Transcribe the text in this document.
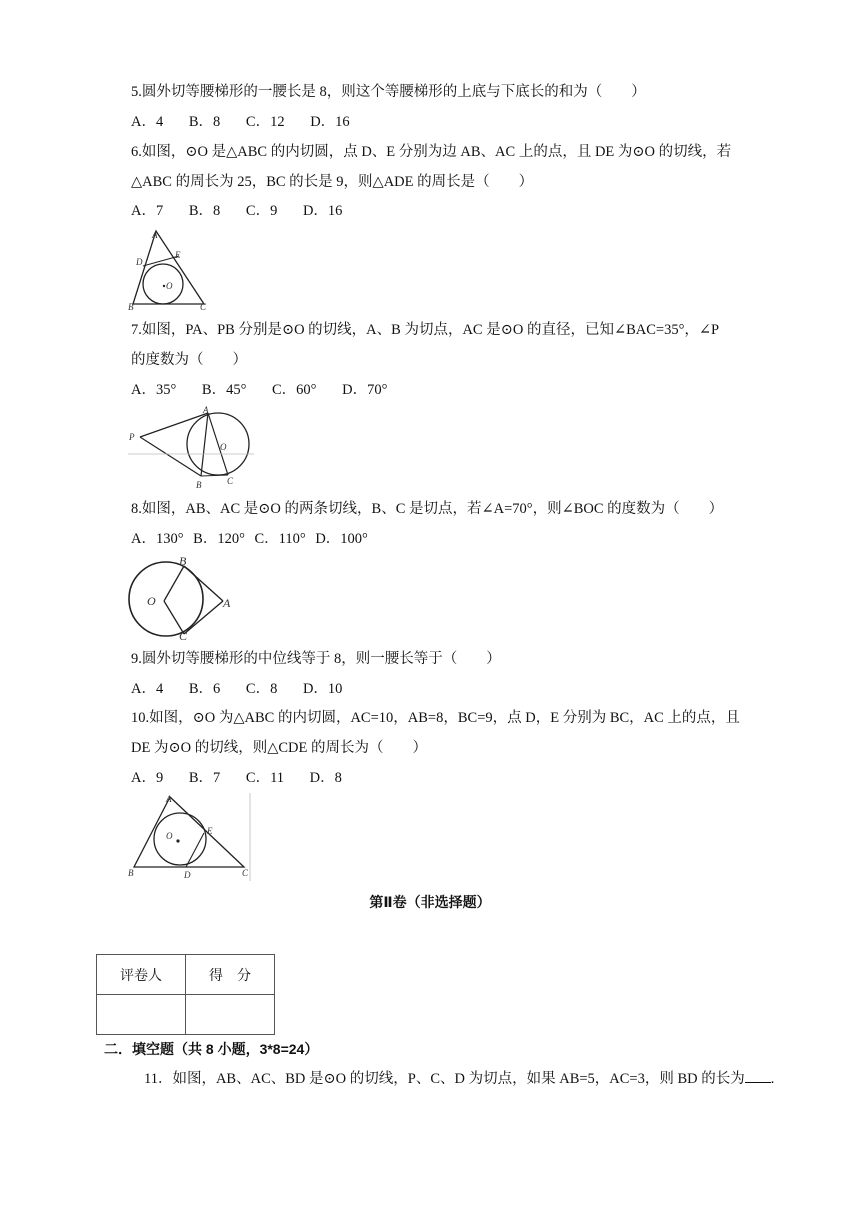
5.圆外切等腰梯形的一腰长是 8，则这个等腰梯形的上底与下底长的和为（　　）
A．4 B．8 C．12 D．16
6.如图，⊙O 是△ABC 的内切圆，点 D、E 分别为边 AB、AC 上的点，且 DE 为⊙O 的切线，若
△ABC 的周长为 25，BC 的长是 9，则△ADE 的周长是（　　）
A．7 B．8 C．9 D．16
A
D
E
O
B	C
7.如图，PA、PB 分别是⊙O 的切线，A、B 为切点，AC 是⊙O 的直径，已知∠BAC=35°，∠P
的度数为（　　）
A．35° B．45° C．60° D．70°
P
A
O
B	C
8.如图，AB、AC 是⊙O 的两条切线，B、C 是切点，若∠A=70°，则∠BOC 的度数为（　　）
A．130° B．120° C．110° D．100°
B
O	A
C
9.圆外切等腰梯形的中位线等于 8，则一腰长等于（　　）
A．4 B．6 C．8 D．10
10.如图，⊙O 为△ABC 的内切圆，AC=10，AB=8，BC=9，点 D，E 分别为 BC，AC 上的点，且
DE 为⊙O 的切线，则△CDE 的周长为（　　）
A．9 B．7 C．11 D．8
A
O	E
B	D	C
第Ⅱ卷（非选择题）
评卷人	得　分

二．填空题（共 8 小题，3*8=24）
11．如图，AB、AC、BD 是⊙O 的切线，P、C、D 为切点，如果 AB=5，AC=3，则 BD 的长为 .
